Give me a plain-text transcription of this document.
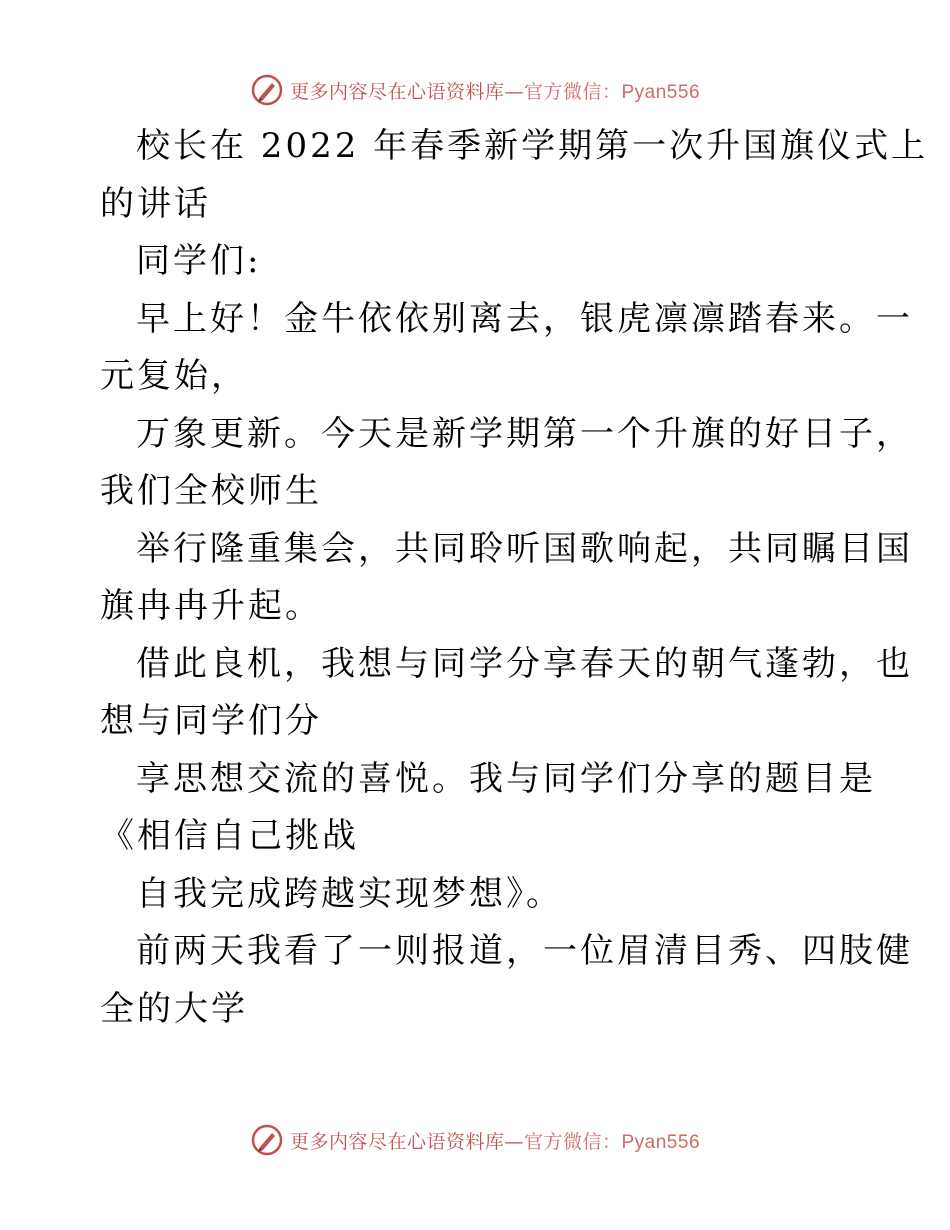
更多内容尽在心语资料库—官方微信：Pyan556
校长在 2022 年春季新学期第一次升国旗仪式上
的讲话
同学们:
早上好！金牛依依别离去，银虎凛凛踏春来。一
元复始，
万象更新。今天是新学期第一个升旗的好日子，
我们全校师生
举行隆重集会，共同聆听国歌响起，共同瞩目国
旗冉冉升起。
借此良机，我想与同学分享春天的朝气蓬勃，也
想与同学们分
享思想交流的喜悦。我与同学们分享的题目是
《相信自己挑战
自我完成跨越实现梦想》。
前两天我看了一则报道，一位眉清目秀、四肢健
全的大学
更多内容尽在心语资料库—官方微信：Pyan556
